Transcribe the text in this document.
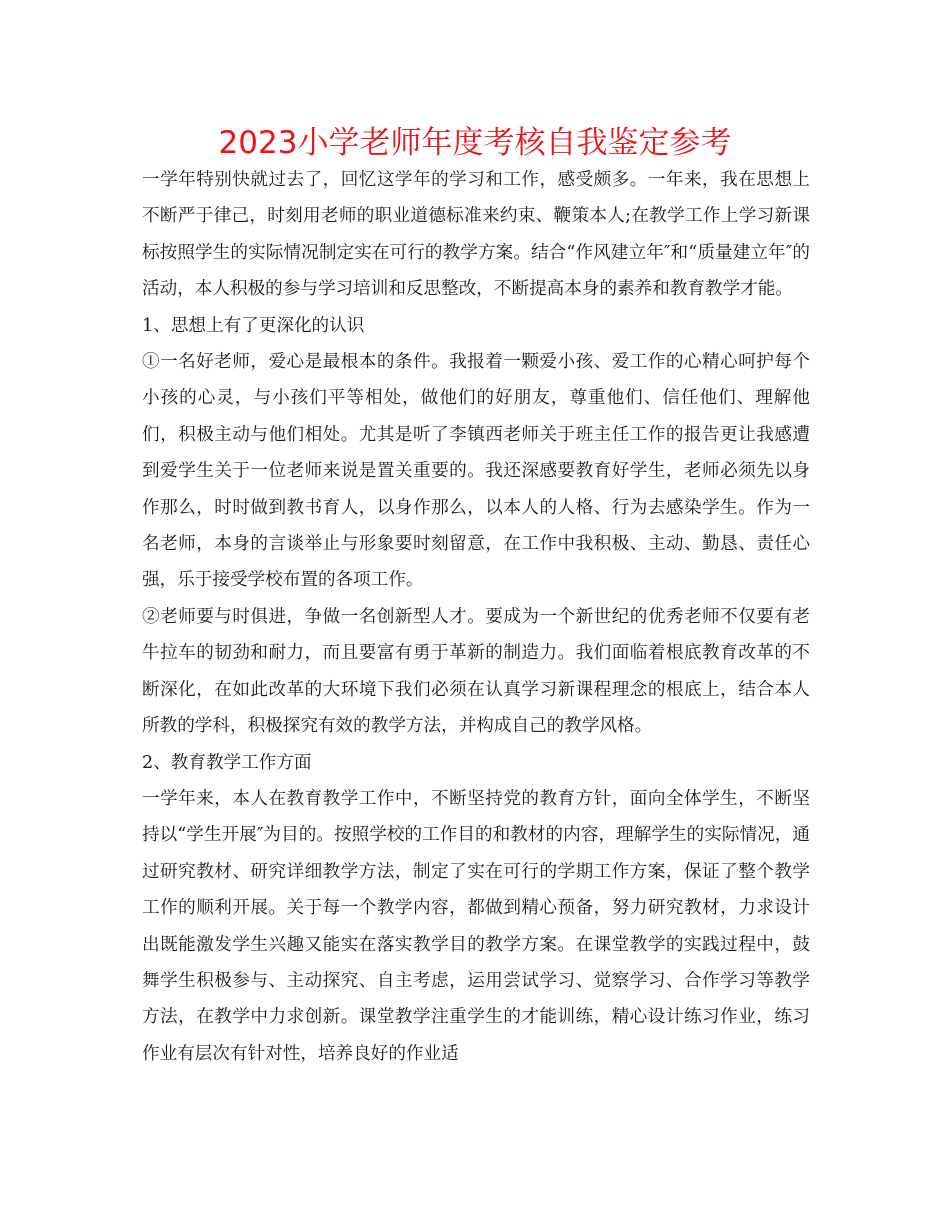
2023小学老师年度考核自我鉴定参考

一学年特别快就过去了，回忆这学年的学习和工作，感受颇多。一年来，我在思想上不断严于律己，时刻用老师的职业道德标准来约束、鞭策本人;在教学工作上学习新课标按照学生的实际情况制定实在可行的教学方案。结合“作风建立年″和“质量建立年″的活动，本人积极的参与学习培训和反思整改，不断提高本身的素养和教育教学才能。

1、思想上有了更深化的认识

①一名好老师，爱心是最根本的条件。我报着一颗爱小孩、爱工作的心精心呵护每个小孩的心灵，与小孩们平等相处，做他们的好朋友，尊重他们、信任他们、理解他们，积极主动与他们相处。尤其是听了李镇西老师关于班主任工作的报告更让我感遭到爱学生关于一位老师来说是置关重要的。我还深感要教育好学生，老师必须先以身作那么，时时做到教书育人，以身作那么，以本人的人格、行为去感染学生。作为一名老师，本身的言谈举止与形象要时刻留意，在工作中我积极、主动、勤恳、责任心强，乐于接受学校布置的各项工作。

②老师要与时俱进，争做一名创新型人才。要成为一个新世纪的优秀老师不仅要有老牛拉车的韧劲和耐力，而且要富有勇于革新的制造力。我们面临着根底教育改革的不断深化，在如此改革的大环境下我们必须在认真学习新课程理念的根底上，结合本人所教的学科，积极探究有效的教学方法，并构成自己的教学风格。

2、教育教学工作方面

一学年来，本人在教育教学工作中，不断坚持党的教育方针，面向全体学生，不断坚持以“学生开展″为目的。按照学校的工作目的和教材的内容，理解学生的实际情况，通过研究教材、研究详细教学方法，制定了实在可行的学期工作方案，保证了整个教学工作的顺利开展。关于每一个教学内容，都做到精心预备，努力研究教材，力求设计出既能激发学生兴趣又能实在落实教学目的教学方案。在课堂教学的实践过程中，鼓舞学生积极参与、主动探究、自主考虑，运用尝试学习、觉察学习、合作学习等教学方法，在教学中力求创新。课堂教学注重学生的才能训练，精心设计练习作业，练习作业有层次有针对性，培养良好的作业适
